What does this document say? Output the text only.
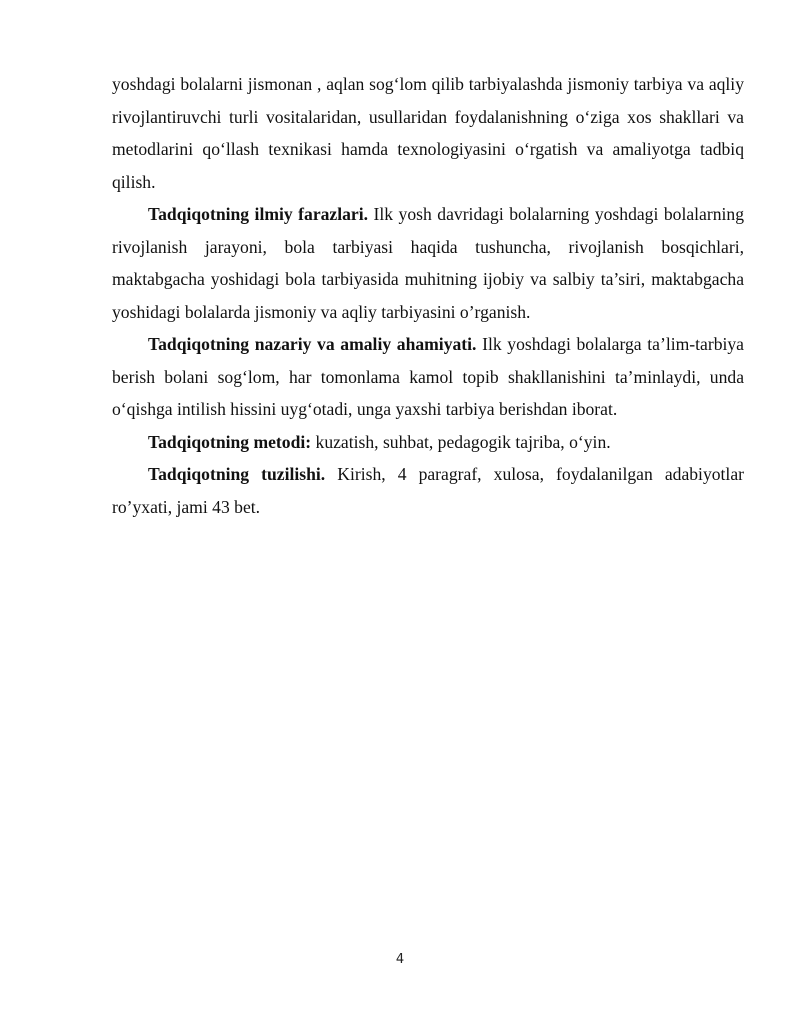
yoshdagi bolalarni jismonan , aqlan sog‘lom qilib tarbiyalashda jismoniy tarbiya va aqliy rivojlantiruvchi turli vositalaridan, usullaridan foydalanishning o‘ziga xos shakllari va metodlarini qo‘llash texnikasi hamda texnologiyasini o‘rgatish va amaliyotga tadbiq qilish.

Tadqiqotning ilmiy farazlari. Ilk yosh davridagi bolalarning yoshdagi bolalarning rivojlanish jarayoni, bola tarbiyasi haqida tushuncha, rivojlanish bosqichlari, maktabgacha yoshidagi bola tarbiyasida muhitning ijobiy va salbiy ta’siri, maktabgacha yoshidagi bolalarda jismoniy va aqliy tarbiyasini o’rganish.

Tadqiqotning nazariy va amaliy ahamiyati. Ilk yoshdagi bolalarga ta’lim-tarbiya berish bolani sog‘lom, har tomonlama kamol topib shakllanishini ta’minlaydi, unda o‘qishga intilish hissini uyg‘otadi, unga yaxshi tarbiya berishdan iborat.

Tadqiqotning metodi: kuzatish, suhbat, pedagogik tajriba, o‘yin.

Tadqiqotning tuzilishi. Kirish, 4 paragraf, xulosa, foydalanilgan adabiyotlar ro’yxati, jami 43 bet.

4
